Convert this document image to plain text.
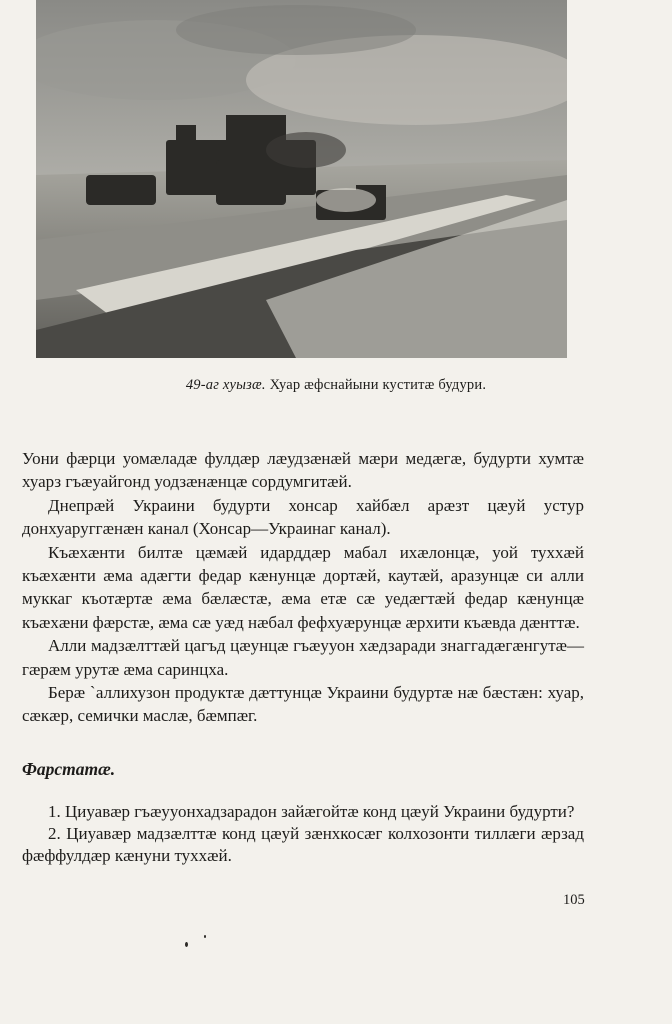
49-аг хуызæ. Хуар æфснайыни куститæ будури.

Уони фæрци уомæладæ фулдæр лæудзæнæй мæри медæгæ, будурти хумтæ хуарз гъæуайгонд уодзæнæнцæ сордумгитæй.

Днепрæй Украини будурти хонсар хайбæл арæзт цæуй устур донхуаруггæнæн канал (Хонсар—Украинаг канал).

Къæхæнти билтæ цæмæй идарддæр мабал ихæлонцæ, уой туххæй къæхæнти æма адæгти федар кæнунцæ дортæй, каутæй, аразунцæ си алли муккаг къотæртæ æма бæлæстæ, æма етæ сæ уедæгтæй федар кæнунцæ къæхæни фæрстæ, æма сæ уæд нæбал фефхуæрунцæ æрхити къæвда дæнттæ.

Алли мадзæлттæй цагъд цæунцæ гъæууон хæдзаради знаггадæгæнгутæ—гæрæм урутæ æма саринцха.

Берæ ˋаллихузон продуктæ дæттунцæ Украини будуртæ нæ бæстæн: хуар, сæкæр, семички маслæ, бæмпæг.

Фарстатæ.

1. Циуавæр гъæууонхадзарадон зайæгойтæ конд цæуй Украини будурти?

2. Циуавæр мадзæлттæ конд цæуй зæнхкосæг колхозонти тиллæги æрзад фæффулдæр кæнуни туххæй.

105
